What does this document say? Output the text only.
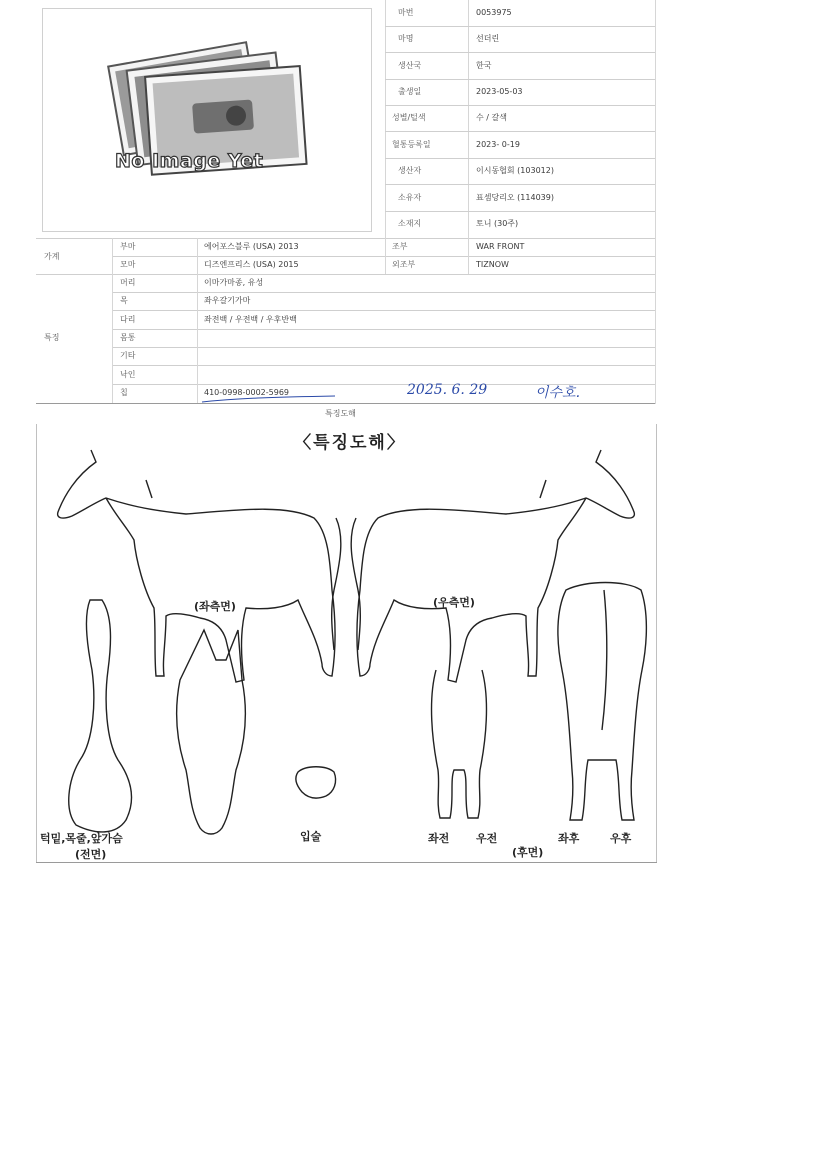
No Image Yet
마번	0053975
마명	선더린
생산국	한국
출생일	2023-05-03
성별/털색	수 / 갈색
혈통등록일	2023- 0-19
생산자	이시동협회 (103012)
소유자	표셈당리오 (114039)
소재지	토니 (30주)
가계
부마	에어포스블루 (USA) 2013	조부	WAR FRONT
모마	디즈엔프리스 (USA) 2015	외조부	TIZNOW
특징
머리	이마가마종, 유성
목	좌우갈기가마
다리	좌전백 / 우전백 / 우후반백
몸통
기타
낙인
칩	410-0998-0002-5969	2025. 6. 29	이수호.
특징도해
〈특징도해〉
(좌측면)	(우측면)
턱밑,목줄,앞가슴
(전면)
입술	좌전 우전
(후면)
좌후	우후
